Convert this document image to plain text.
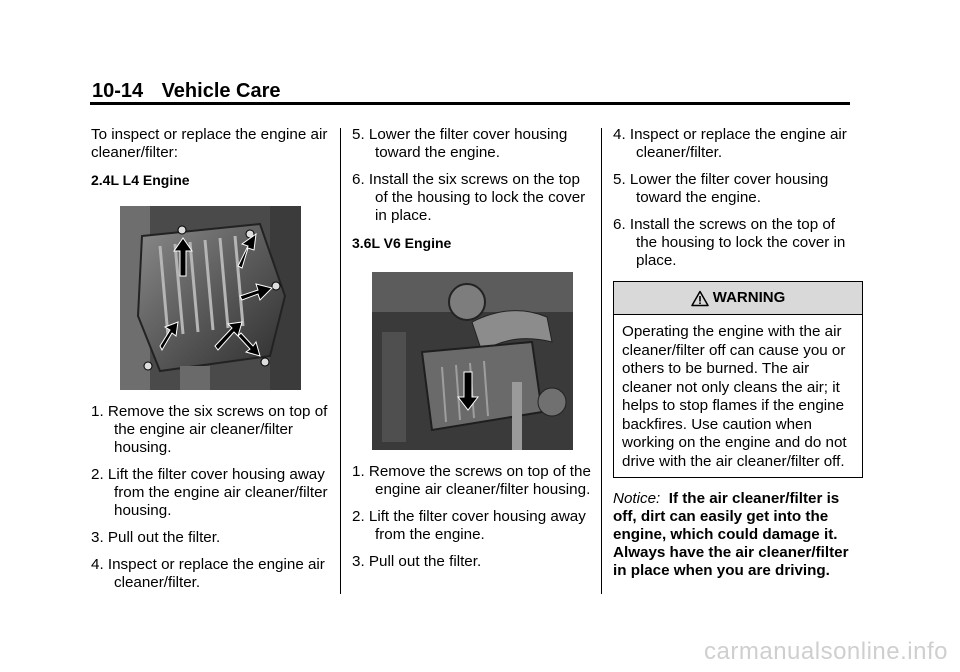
10-14 Vehicle Care

To inspect or replace the engine air cleaner/filter:

2.4L L4 Engine

1. Remove the six screws on top of the engine air cleaner/filter housing.

2. Lift the filter cover housing away from the engine air cleaner/filter housing.

3. Pull out the filter.

4. Inspect or replace the engine air cleaner/filter.

5. Lower the filter cover housing toward the engine.

6. Install the six screws on the top of the housing to lock the cover in place.

3.6L V6 Engine

1. Remove the screws on top of the engine air cleaner/filter housing.

2. Lift the filter cover housing away from the engine.

3. Pull out the filter.

4. Inspect or replace the engine air cleaner/filter.

5. Lower the filter cover housing toward the engine.

6. Install the screws on the top of the housing to lock the cover in place.

WARNING
Operating the engine with the air cleaner/filter off can cause you or others to be burned. The air cleaner not only cleans the air; it helps to stop flames if the engine backfires. Use caution when working on the engine and do not drive with the air cleaner/filter off.

Notice: If the air cleaner/filter is off, dirt can easily get into the engine, which could damage it. Always have the air cleaner/filter in place when you are driving.

carmanualsonline.info
